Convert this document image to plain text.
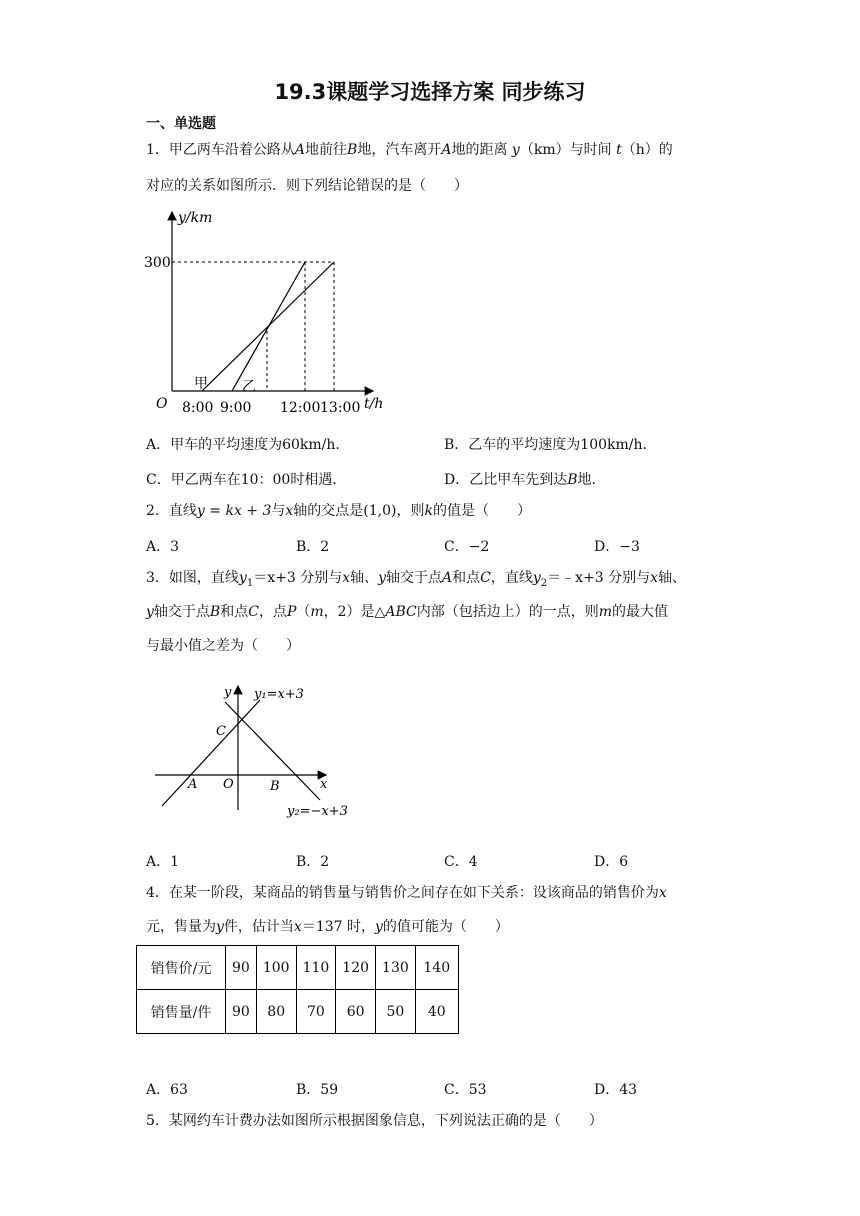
19.3课题学习选择方案 同步练习
一、单选题
1．甲乙两车沿着公路从A地前往B地，汽车离开A地的距离 y（km）与时间 t（h）的
对应的关系如图所示．则下列结论错误的是（　　）
y/km
300
O	t/h
8:00 9:00 12:00 13:00
甲 乙
A．甲车的平均速度为60km/h．	B．乙车的平均速度为100km/h．
C．甲乙两车在10：00时相遇．	D．乙比甲车先到达B地．
2．直线y = kx + 3与x轴的交点是(1,0)，则k的值是（　　）
A．3	B．2	C．−2	D．−3
3．如图，直线$y_1=x+3$ 分别与x轴、y轴交于点A和点C，直线$y_2=﹣x+3$ 分别与x轴、
y轴交于点B和点C，点P（m，2）是△ABC内部（包括边上）的一点，则m的最大值
与最小值之差为（　　）
y y₁=x+3
C
A O	B	x
y₂=−x+3
A．1	B．2	C．4	D．6
4．在某一阶段，某商品的销售量与销售价之间存在如下关系：设该商品的销售价为x
元，售量为y件，估计当x＝137 时，y的值可能为（　　）
销售价/元	90	100	110	120	130	140
销售量/件	90	80	70	60	50	40
A．63	B．59	C．53	D．43
5．某网约车计费办法如图所示根据图象信息，下列说法正确的是（　　）
